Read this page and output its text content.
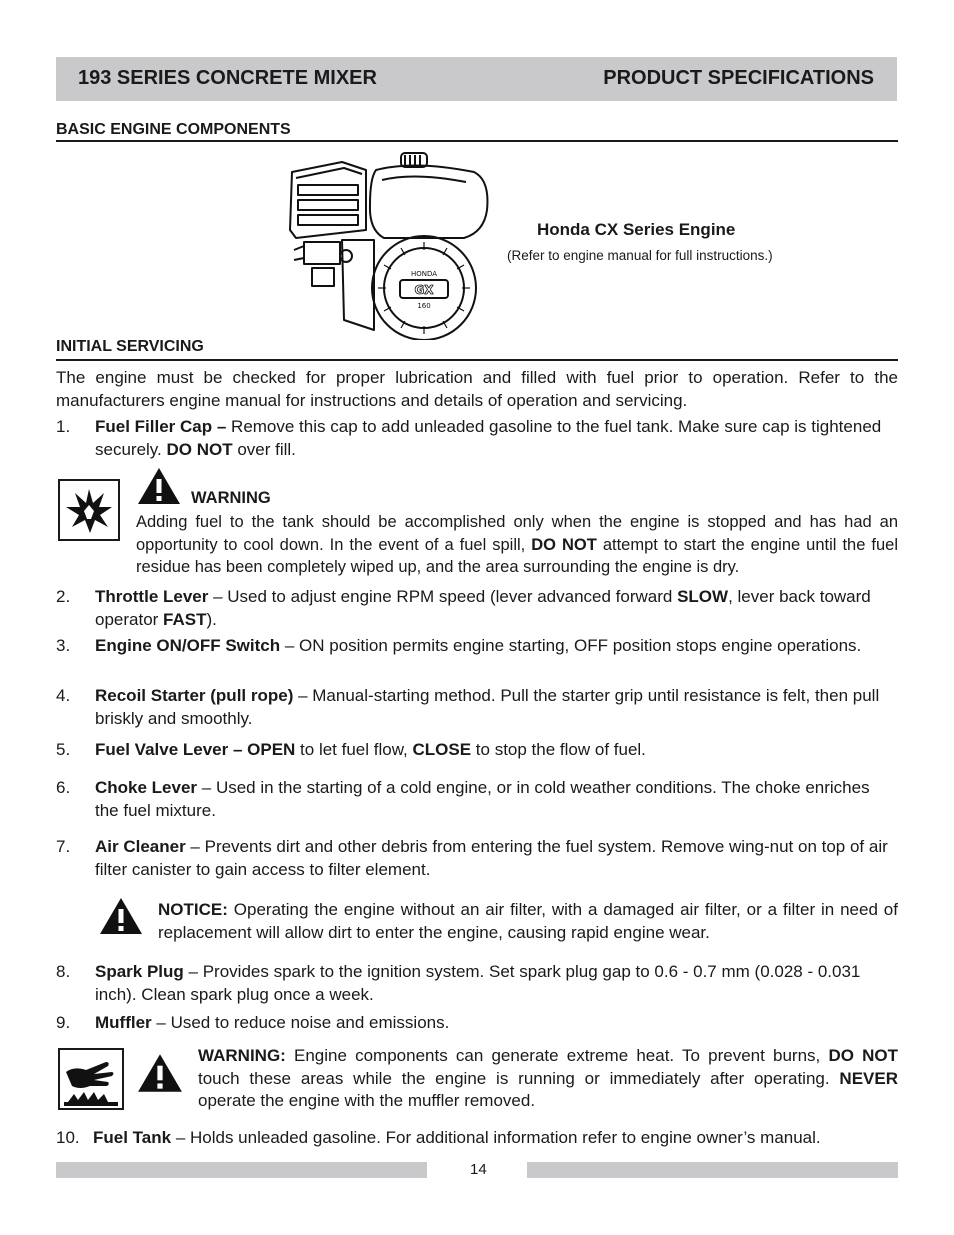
193 SERIES CONCRETE MIXER	PRODUCT SPECIFICATIONS
BASIC ENGINE COMPONENTS
HONDA
GX
160
Honda CX Series Engine
(Refer to engine manual for full instructions.)
INITIAL SERVICING
The engine must be checked for proper lubrication and filled with fuel prior to operation. Refer to the manufacturers engine manual for instructions and details of operation and servicing.
1. Fuel Filler Cap – Remove this cap to add unleaded gasoline to the fuel tank. Make sure cap is tightened securely. DO NOT over fill.
WARNING
Adding fuel to the tank should be accomplished only when the engine is stopped and has had an opportunity to cool down. In the event of a fuel spill, DO NOT attempt to start the engine until the fuel residue has been completely wiped up, and the area surrounding the engine is dry.
2. Throttle Lever – Used to adjust engine RPM speed (lever advanced forward SLOW, lever back toward operator FAST).
3. Engine ON/OFF Switch – ON position permits engine starting, OFF position stops engine operations.
4. Recoil Starter (pull rope) – Manual-starting method. Pull the starter grip until resistance is felt, then pull briskly and smoothly.
5. Fuel Valve Lever – OPEN to let fuel flow, CLOSE to stop the flow of fuel.
6. Choke Lever – Used in the starting of a cold engine, or in cold weather conditions. The choke enriches the fuel mixture.
7. Air Cleaner – Prevents dirt and other debris from entering the fuel system. Remove wing-nut on top of air filter canister to gain access to filter element.
NOTICE: Operating the engine without an air filter, with a damaged air filter, or a filter in need of replacement will allow dirt to enter the engine, causing rapid engine wear.
8. Spark Plug – Provides spark to the ignition system. Set spark plug gap to 0.6 - 0.7 mm (0.028 - 0.031 inch). Clean spark plug once a week.
9. Muffler – Used to reduce noise and emissions.
WARNING: Engine components can generate extreme heat. To prevent burns, DO NOT touch these areas while the engine is running or immediately after operating. NEVER operate the engine with the muffler removed.
10. Fuel Tank – Holds unleaded gasoline. For additional information refer to engine owner’s manual.
14
